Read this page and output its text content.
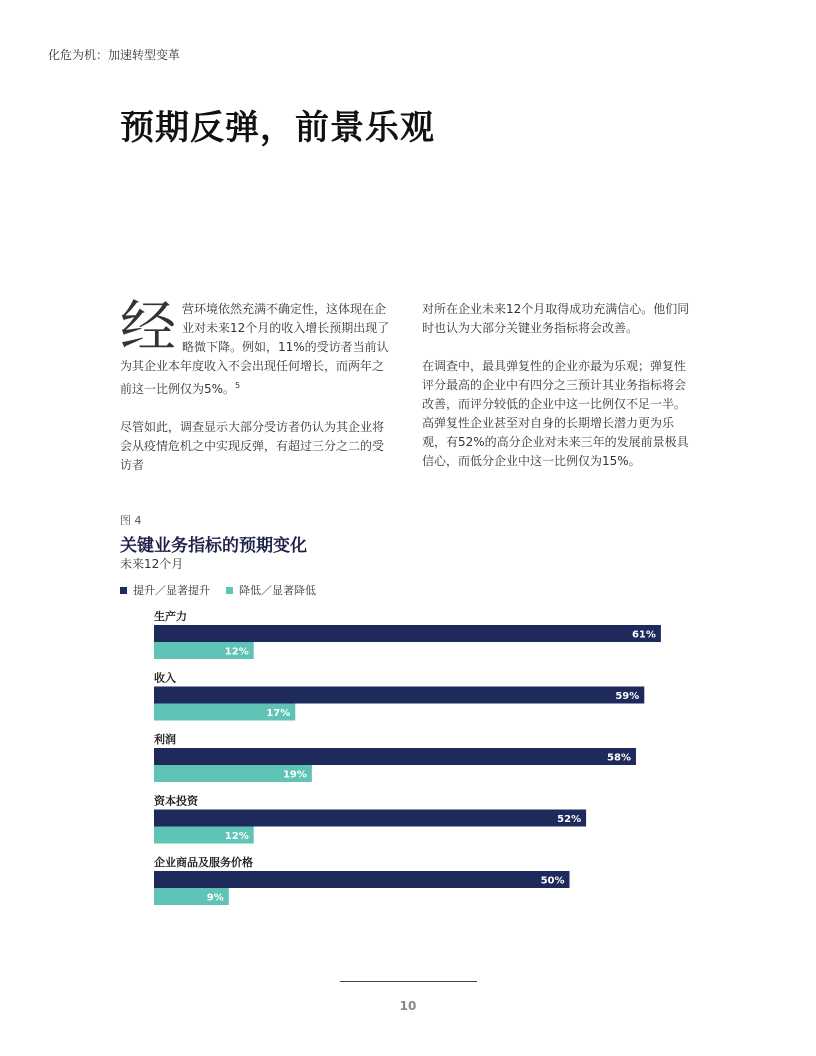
化危为机：加速转型变革
预期反弹，前景乐观

经营环境依然充满不确定性，这体现在企业对未来12个月的收入增长预期出现了略微下降。例如，11%的受访者当前认为其企业本年度收入不会出现任何增长，而两年之前这一比例仅为5%。$^5$

尽管如此，调查显示大部分受访者仍认为其企业将会从疫情危机之中实现反弹，有超过三分之二的受访者

对所在企业未来12个月取得成功充满信心。他们同时也认为大部分关键业务指标将会改善。

在调查中，最具弹复性的企业亦最为乐观；弹复性评分最高的企业中有四分之三预计其业务指标将会改善，而评分较低的企业中这一比例仅不足一半。高弹复性企业甚至对自身的长期增长潜力更为乐观，有52%的高分企业对未来三年的发展前景极具信心，而低分企业中这一比例仅为15%。

图 4
关键业务指标的预期变化
未来12个月
提升／显著提升	降低／显著降低
生产力
61%
12%
收入
59%
17%
利润
58%
19%
资本投资
52%
12%
企业商品及服务价格
50%
9%
10
